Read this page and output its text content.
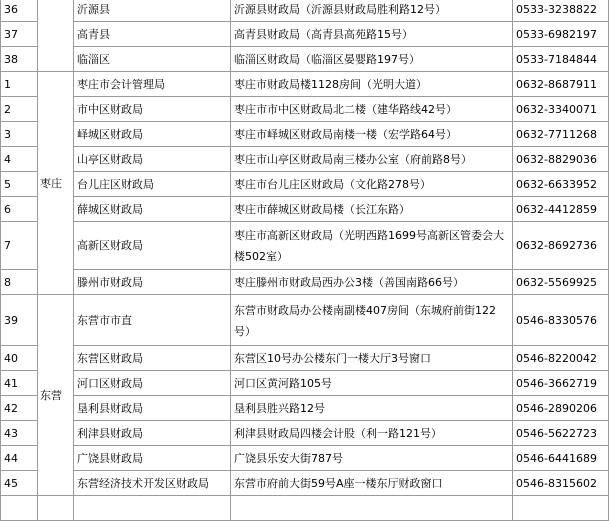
36		沂源县	沂源县财政局（沂源县财政局胜利路12号）	0533-3238822
37		高青县	高青县财政局（高青县高苑路15号）	0533-6982197
38		临淄区	临淄区财政局（临淄区晏婴路197号）	0533-7184844
1	枣庄	枣庄市会计管理局	枣庄市财政局楼1128房间（光明大道）	0632-8687911
2		市中区财政局	枣庄市市中区财政局北二楼（建华路线42号）	0632-3340071
3		峄城区财政局	枣庄市峄城区财政局南楼一楼（宏学路64号）	0632-7711268
4		山亭区财政局	枣庄市山亭区财政局南三楼办公室（府前路8号）	0632-8829036
5		台儿庄区财政局	枣庄市台儿庄区财政局（文化路278号）	0632-6633952
6		薛城区财政局	枣庄市薛城区财政局楼（长江东路）	0632-4412859
7		高新区财政局	枣庄市高新区财政局（光明西路1699号高新区管委会大楼502室）	0632-8692736
8		滕州市财政局	枣庄滕州市财政局西办公3楼（善国南路66号）	0632-5569925
39	东营	东营市市直	东营市财政局办公楼南副楼407房间（东城府前街122号）	0546-8330576
40		东营区财政局	东营区10号办公楼东门一楼大厅3号窗口	0546-8220042
41		河口区财政局	河口区黄河路105号	0546-3662719
42		垦利县财政局	垦利县胜兴路12号	0546-2890206
43		利津县财政局	利津县财政局四楼会计股（利一路121号）	0546-5622723
44		广饶县财政局	广饶县乐安大街787号	0546-6441689
45		东营经济技术开发区财政局	东营市府前大街59号A座一楼东厅财政窗口	0546-8315602
